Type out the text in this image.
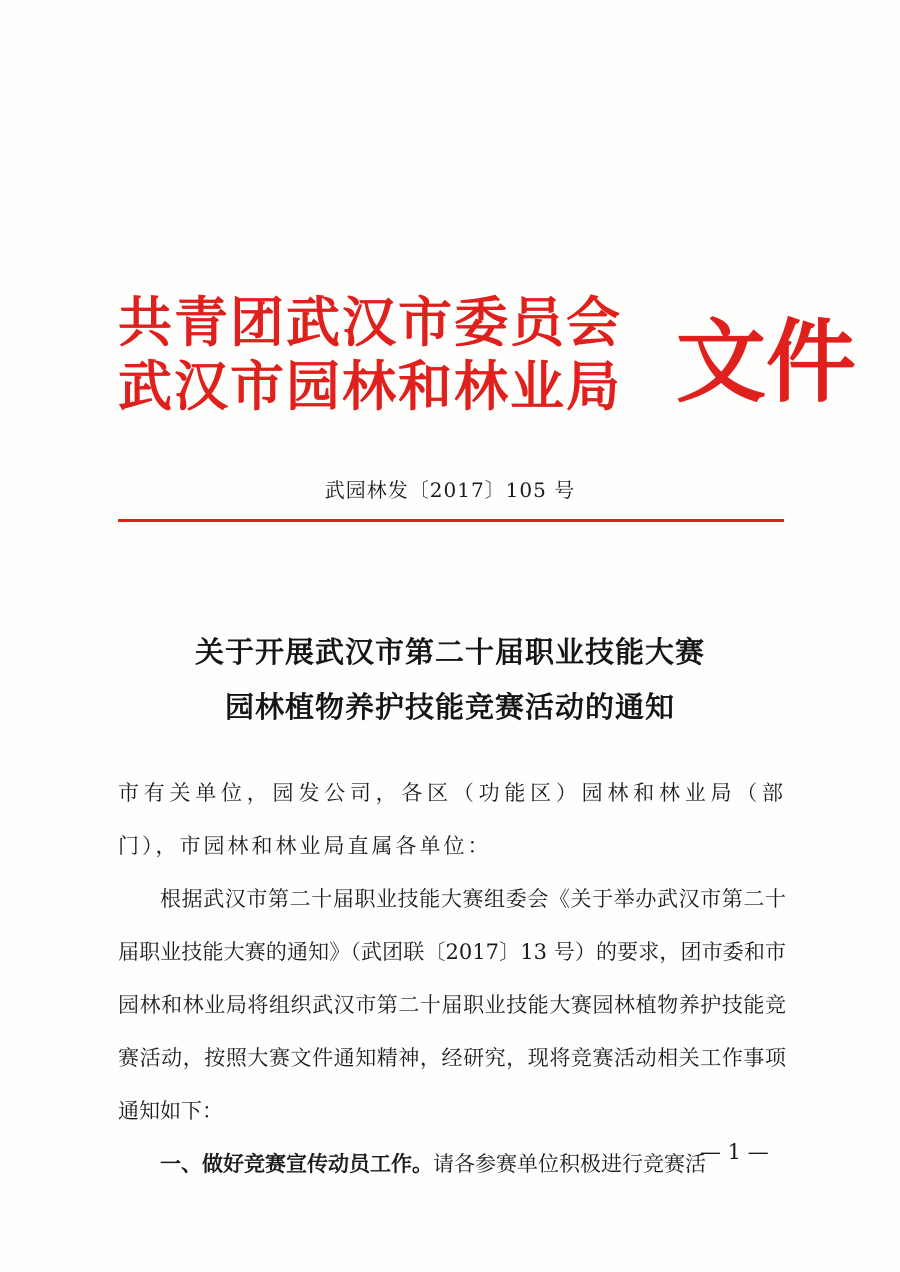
共青团武汉市委员会
武汉市园林和林业局 文件
武园林发〔2017〕105 号
关于开展武汉市第二十届职业技能大赛
园林植物养护技能竞赛活动的通知

市有关单位，园发公司，各区（功能区）园林和林业局（部门），市园林和林业局直属各单位：

根据武汉市第二十届职业技能大赛组委会《关于举办武汉市第二十届职业技能大赛的通知》（武团联〔2017〕13 号）的要求，团市委和市园林和林业局将组织武汉市第二十届职业技能大赛园林植物养护技能竞赛活动，按照大赛文件通知精神，经研究，现将竞赛活动相关工作事项通知如下：

一、做好竞赛宣传动员工作。请各参赛单位积极进行竞赛活

— 1 —
